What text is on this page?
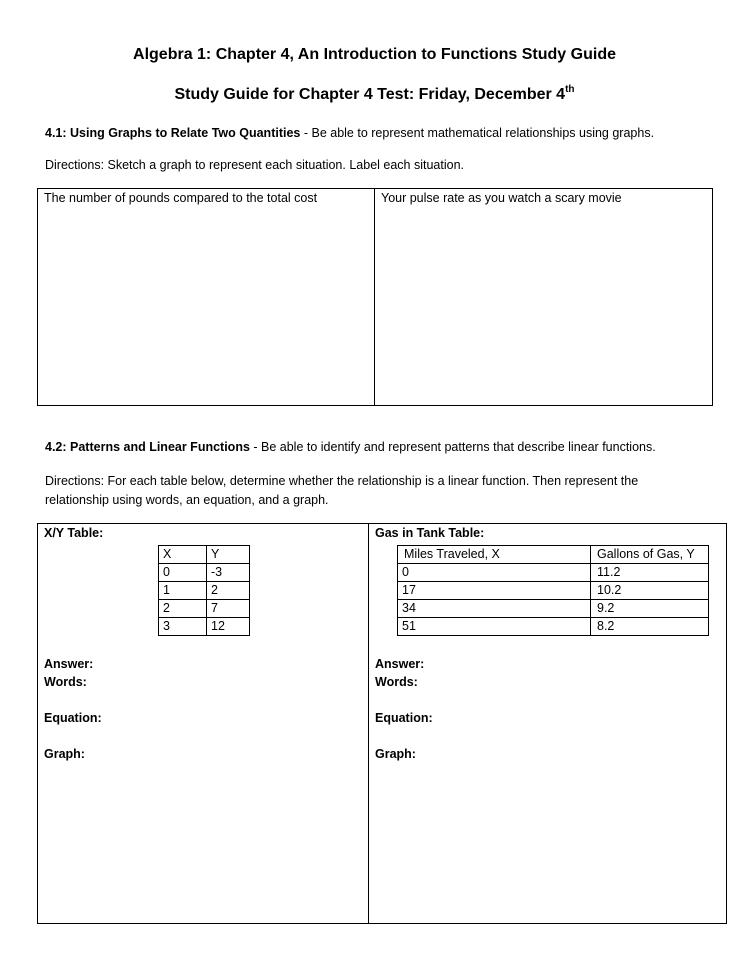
Algebra 1: Chapter 4, An Introduction to Functions Study Guide
Study Guide for Chapter 4 Test: Friday, December 4th
4.1: Using Graphs to Relate Two Quantities - Be able to represent mathematical relationships using graphs.
Directions: Sketch a graph to represent each situation. Label each situation.
The number of pounds compared to the total cost	Your pulse rate as you watch a scary movie
4.2: Patterns and Linear Functions - Be able to identify and represent patterns that describe linear functions.
Directions: For each table below, determine whether the relationship is a linear function. Then represent the relationship using words, an equation, and a graph.
X/Y Table:
X	Y
0	-3
1	2
2	7
3	12
Answer:
Words:
Equation:
Graph:
Gas in Tank Table:
Miles Traveled, X	Gallons of Gas, Y
0	11.2
17	10.2
34	9.2
51	8.2
Answer:
Words:
Equation:
Graph:
